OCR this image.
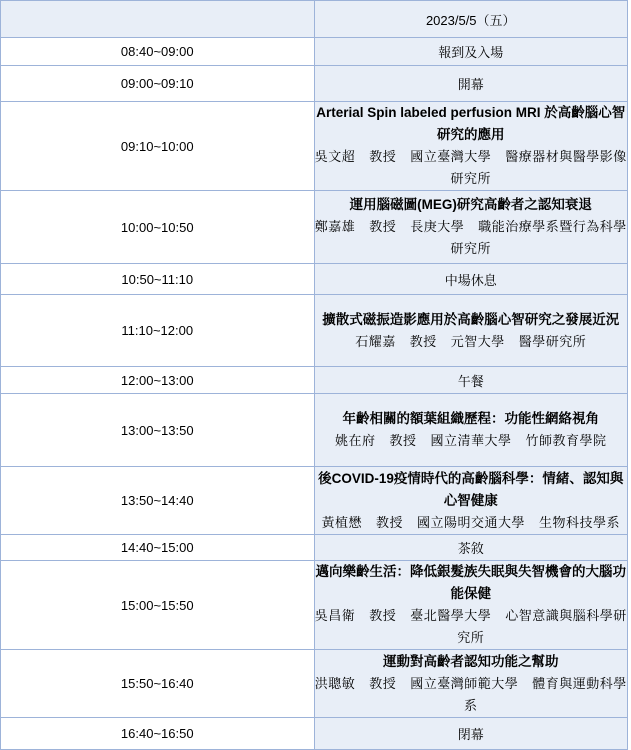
	2023/5/5（五）
08:40~09:00	報到及入場
09:00~09:10	開幕
09:10~10:00	Arterial Spin labeled perfusion MRI 於高齡腦心智研究的應用
吳文超 教授 國立臺灣大學 醫療器材與醫學影像研究所

10:00~10:50	運用腦磁圖(MEG)研究高齡者之認知衰退
鄭嘉雄 教授 長庚大學 職能治療學系暨行為科學研究所

10:50~11:10	中場休息
11:10~12:00	擴散式磁振造影應用於高齡腦心智研究之發展近況
石耀嘉 教授 元智大學 醫學研究所

12:00~13:00	午餐
13:00~13:50	年齡相關的額葉組織歷程：功能性網絡視角
姚在府 教授 國立清華大學 竹師教育學院

13:50~14:40	後COVID-19疫情時代的高齡腦科學：情緒、認知與心智健康
黃植懋 教授 國立陽明交通大學 生物科技學系

14:40~15:00	茶敘
15:00~15:50	邁向樂齡生活：降低銀髮族失眠與失智機會的大腦功能保健
吳昌衛 教授 臺北醫學大學 心智意識與腦科學研究所

15:50~16:40	運動對高齡者認知功能之幫助
洪聰敏 教授 國立臺灣師範大學 體育與運動科學系

16:40~16:50	閉幕
